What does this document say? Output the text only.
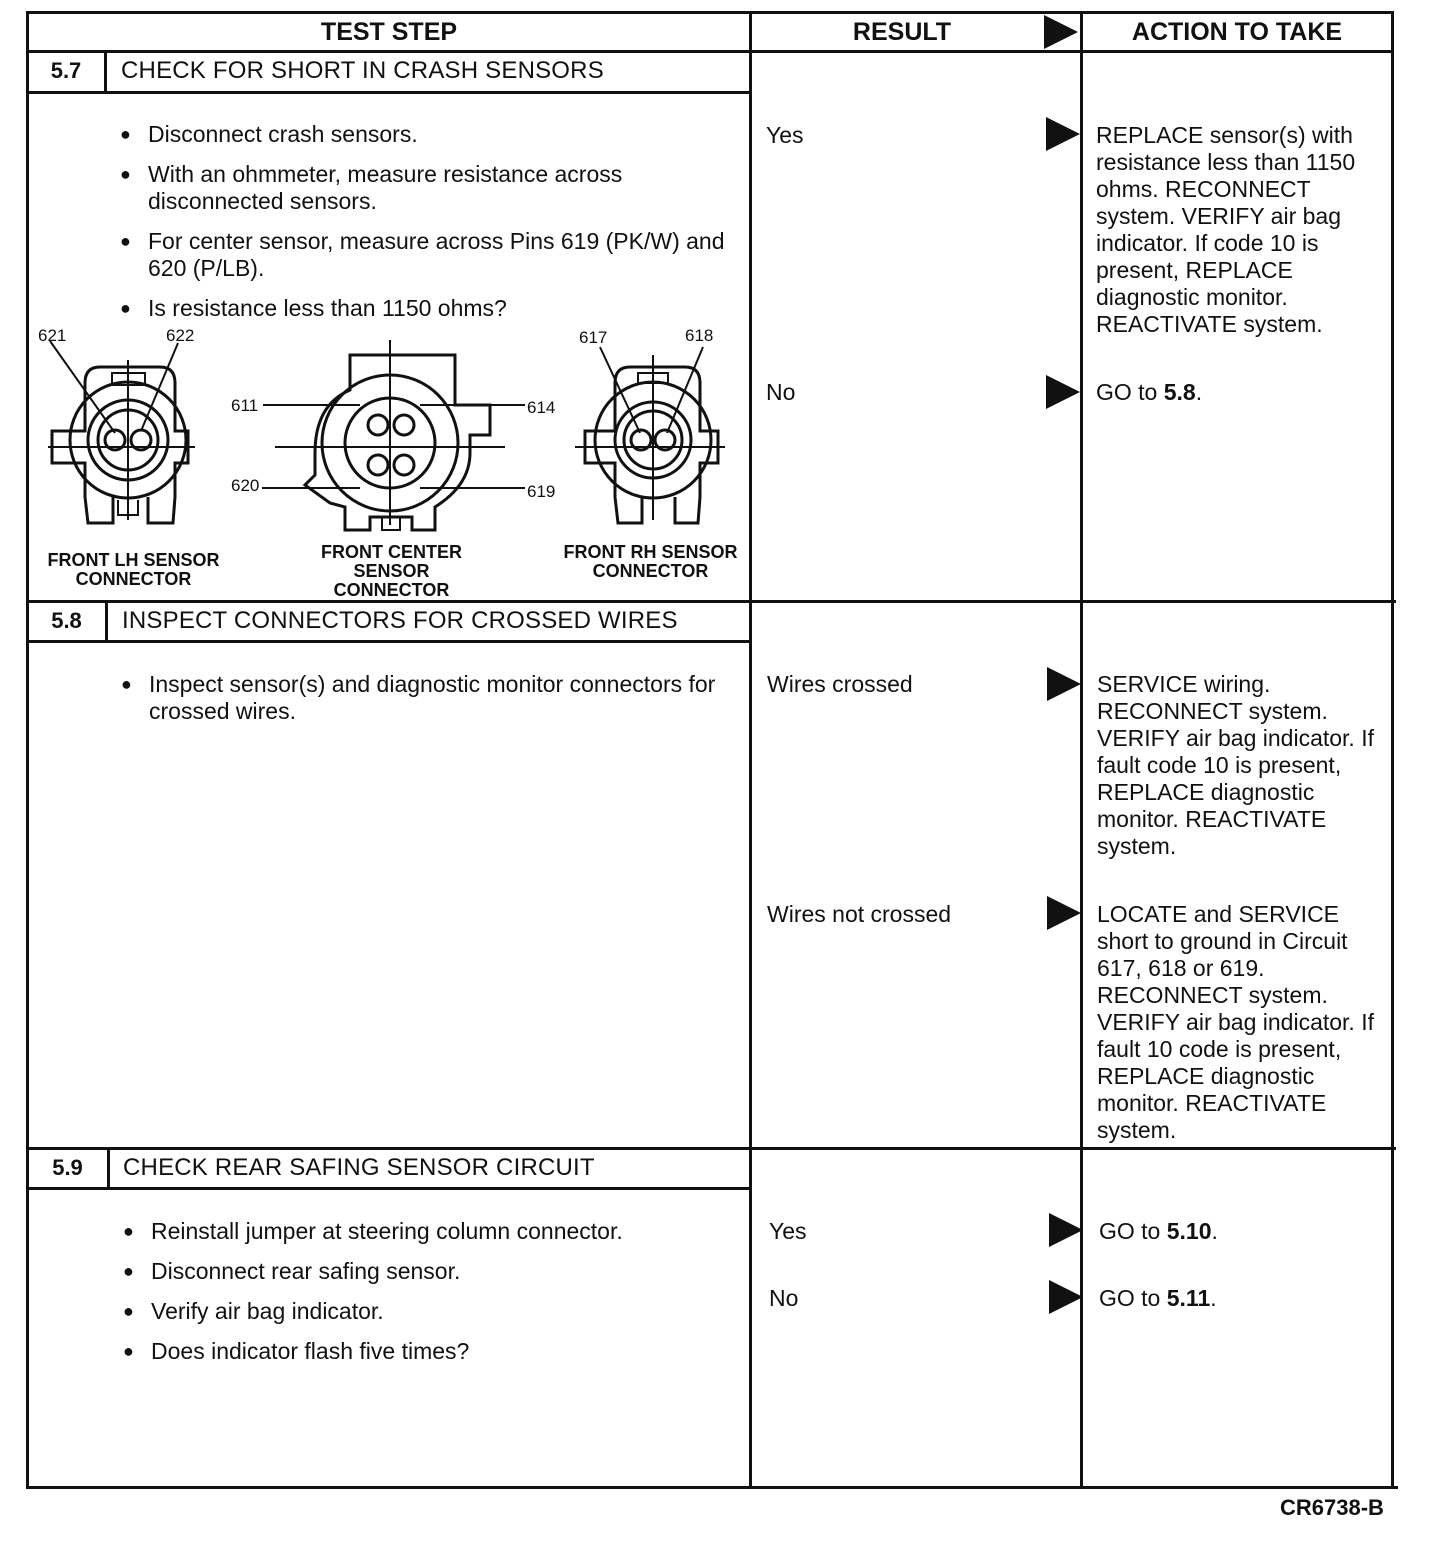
TEST STEP	RESULT	ACTION TO TAKE
5.7	CHECK FOR SHORT IN CRASH SENSORS
● Disconnect crash sensors.
● With an ohmmeter, measure resistance across disconnected sensors.
● For center sensor, measure across Pins 619 (PK/W) and 620 (P/LB).
● Is resistance less than 1150 ohms?
621	622
611	614
620	619
617	618
FRONT LH SENSOR CONNECTOR
FRONT CENTER SENSOR CONNECTOR
FRONT RH SENSOR CONNECTOR
Yes	REPLACE sensor(s) with resistance less than 1150 ohms. RECONNECT system. VERIFY air bag indicator. If code 10 is present, REPLACE diagnostic monitor. REACTIVATE system.
No	GO to 5.8.
5.8	INSPECT CONNECTORS FOR CROSSED WIRES
● Inspect sensor(s) and diagnostic monitor connectors for crossed wires.
Wires crossed	SERVICE wiring. RECONNECT system. VERIFY air bag indicator. If fault code 10 is present, REPLACE diagnostic monitor. REACTIVATE system.
Wires not crossed	LOCATE and SERVICE short to ground in Circuit 617, 618 or 619. RECONNECT system. VERIFY air bag indicator. If fault 10 code is present, REPLACE diagnostic monitor. REACTIVATE system.
5.9	CHECK REAR SAFING SENSOR CIRCUIT
● Reinstall jumper at steering column connector.
● Disconnect rear safing sensor.
● Verify air bag indicator.
● Does indicator flash five times?
Yes	GO to 5.10.
No	GO to 5.11.
CR6738-B
